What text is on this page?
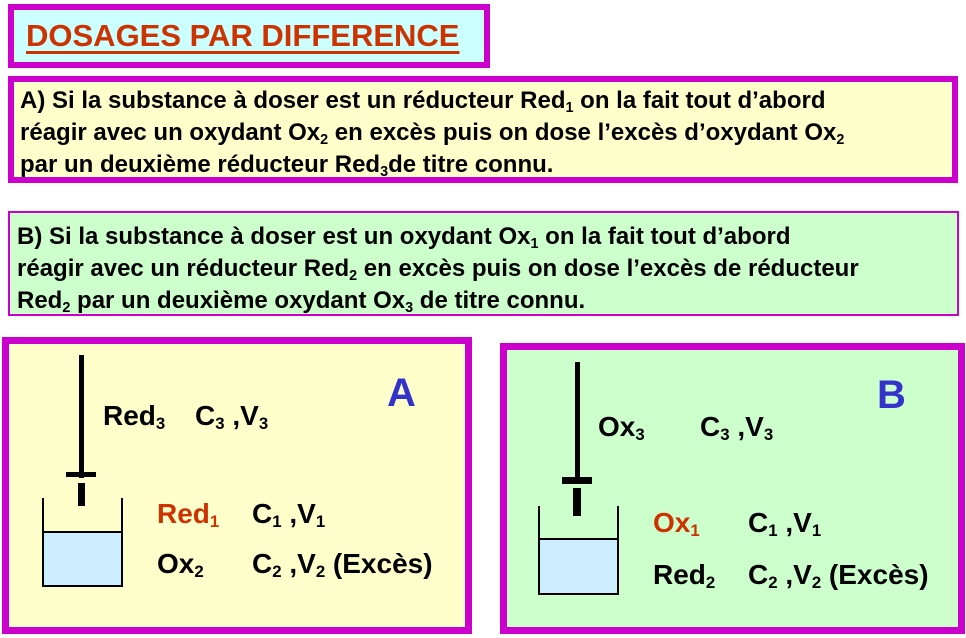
DOSAGES PAR DIFFERENCE
A) Si la substance à doser est un réducteur Red$_1$ on la fait tout d’abord
réagir avec un oxydant $Ox_2$ en excès puis on dose l’excès d’oxydant $Ox_2$
par un deuxième réducteur Red$_3$de titre connu.
B) Si la substance à doser est un oxydant $Ox_1$ on la fait tout d’abord
réagir avec un réducteur Red$_2$ en excès puis on dose l’excès de réducteur
Red$_2$ par un deuxième oxydant $Ox_3$ de titre connu.
Red$_3$ $C_3$ $,V_3$
A
Red$_1$ $C_1$ $,V_1$
$Ox_2$ $C_2$ $,V_2$ (Excès)
$Ox_3$ $C_3$ $,V_3$
B
$Ox_1$ $C_1$ $,V_1$
Red$_2$ $C_2$ $,V_2$ (Excès)
